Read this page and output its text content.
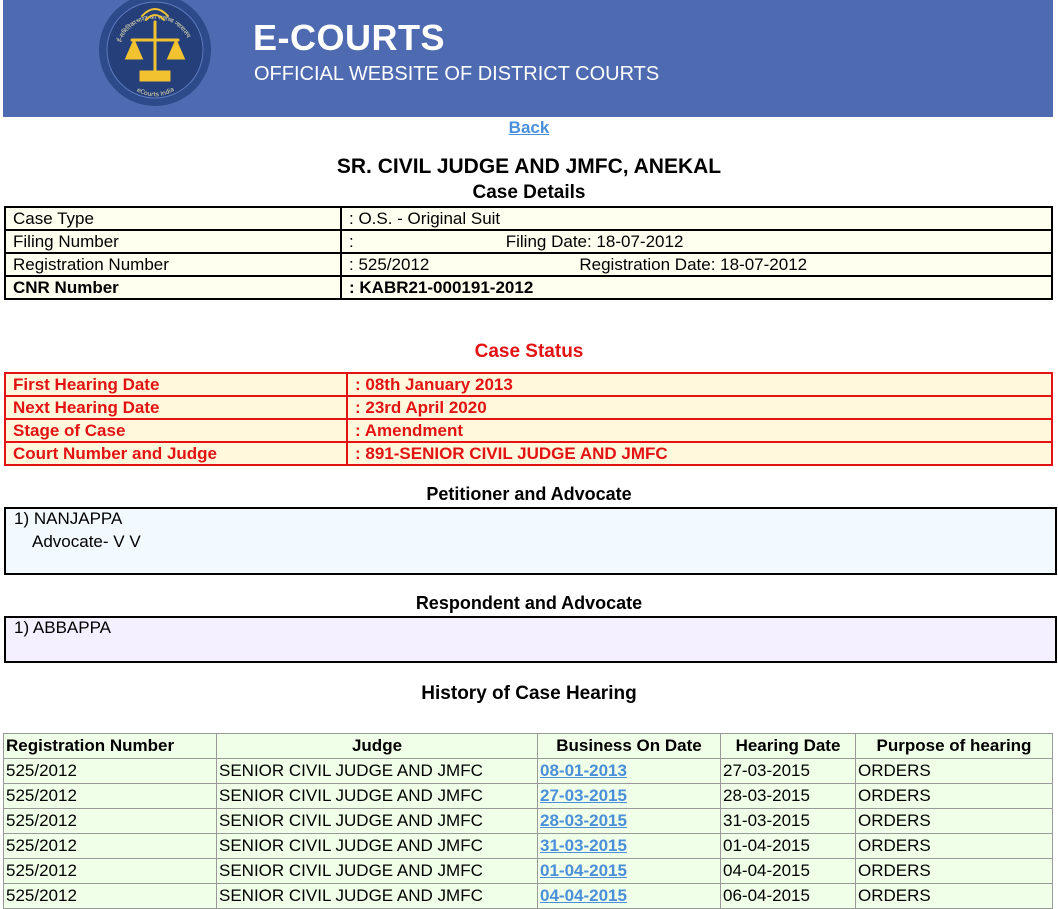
ई-समितिकाभारत का सर्वोच्च न्यायालय
eCourts India
E-COURTS
OFFICIAL WEBSITE OF DISTRICT COURTS
Back
SR. CIVIL JUDGE AND JMFC, ANEKAL
Case Details
Case Type	: O.S. - Original Suit
Filing Number	: Filing Date: 18-07-2012
Registration Number	: 525/2012 Registration Date: 18-07-2012
CNR Number	: KABR21-000191-2012
Case Status
First Hearing Date	: 08th January 2013
Next Hearing Date	: 23rd April 2020
Stage of Case	: Amendment
Court Number and Judge	: 891-SENIOR CIVIL JUDGE AND JMFC
Petitioner and Advocate
1) NANJAPPA
Advocate- V V
Respondent and Advocate
1) ABBAPPA
History of Case Hearing
Registration Number	Judge	Business On Date	Hearing Date	Purpose of hearing
525/2012	SENIOR CIVIL JUDGE AND JMFC	08-01-2013	27-03-2015	ORDERS
525/2012	SENIOR CIVIL JUDGE AND JMFC	27-03-2015	28-03-2015	ORDERS
525/2012	SENIOR CIVIL JUDGE AND JMFC	28-03-2015	31-03-2015	ORDERS
525/2012	SENIOR CIVIL JUDGE AND JMFC	31-03-2015	01-04-2015	ORDERS
525/2012	SENIOR CIVIL JUDGE AND JMFC	01-04-2015	04-04-2015	ORDERS
525/2012	SENIOR CIVIL JUDGE AND JMFC	04-04-2015	06-04-2015	ORDERS
